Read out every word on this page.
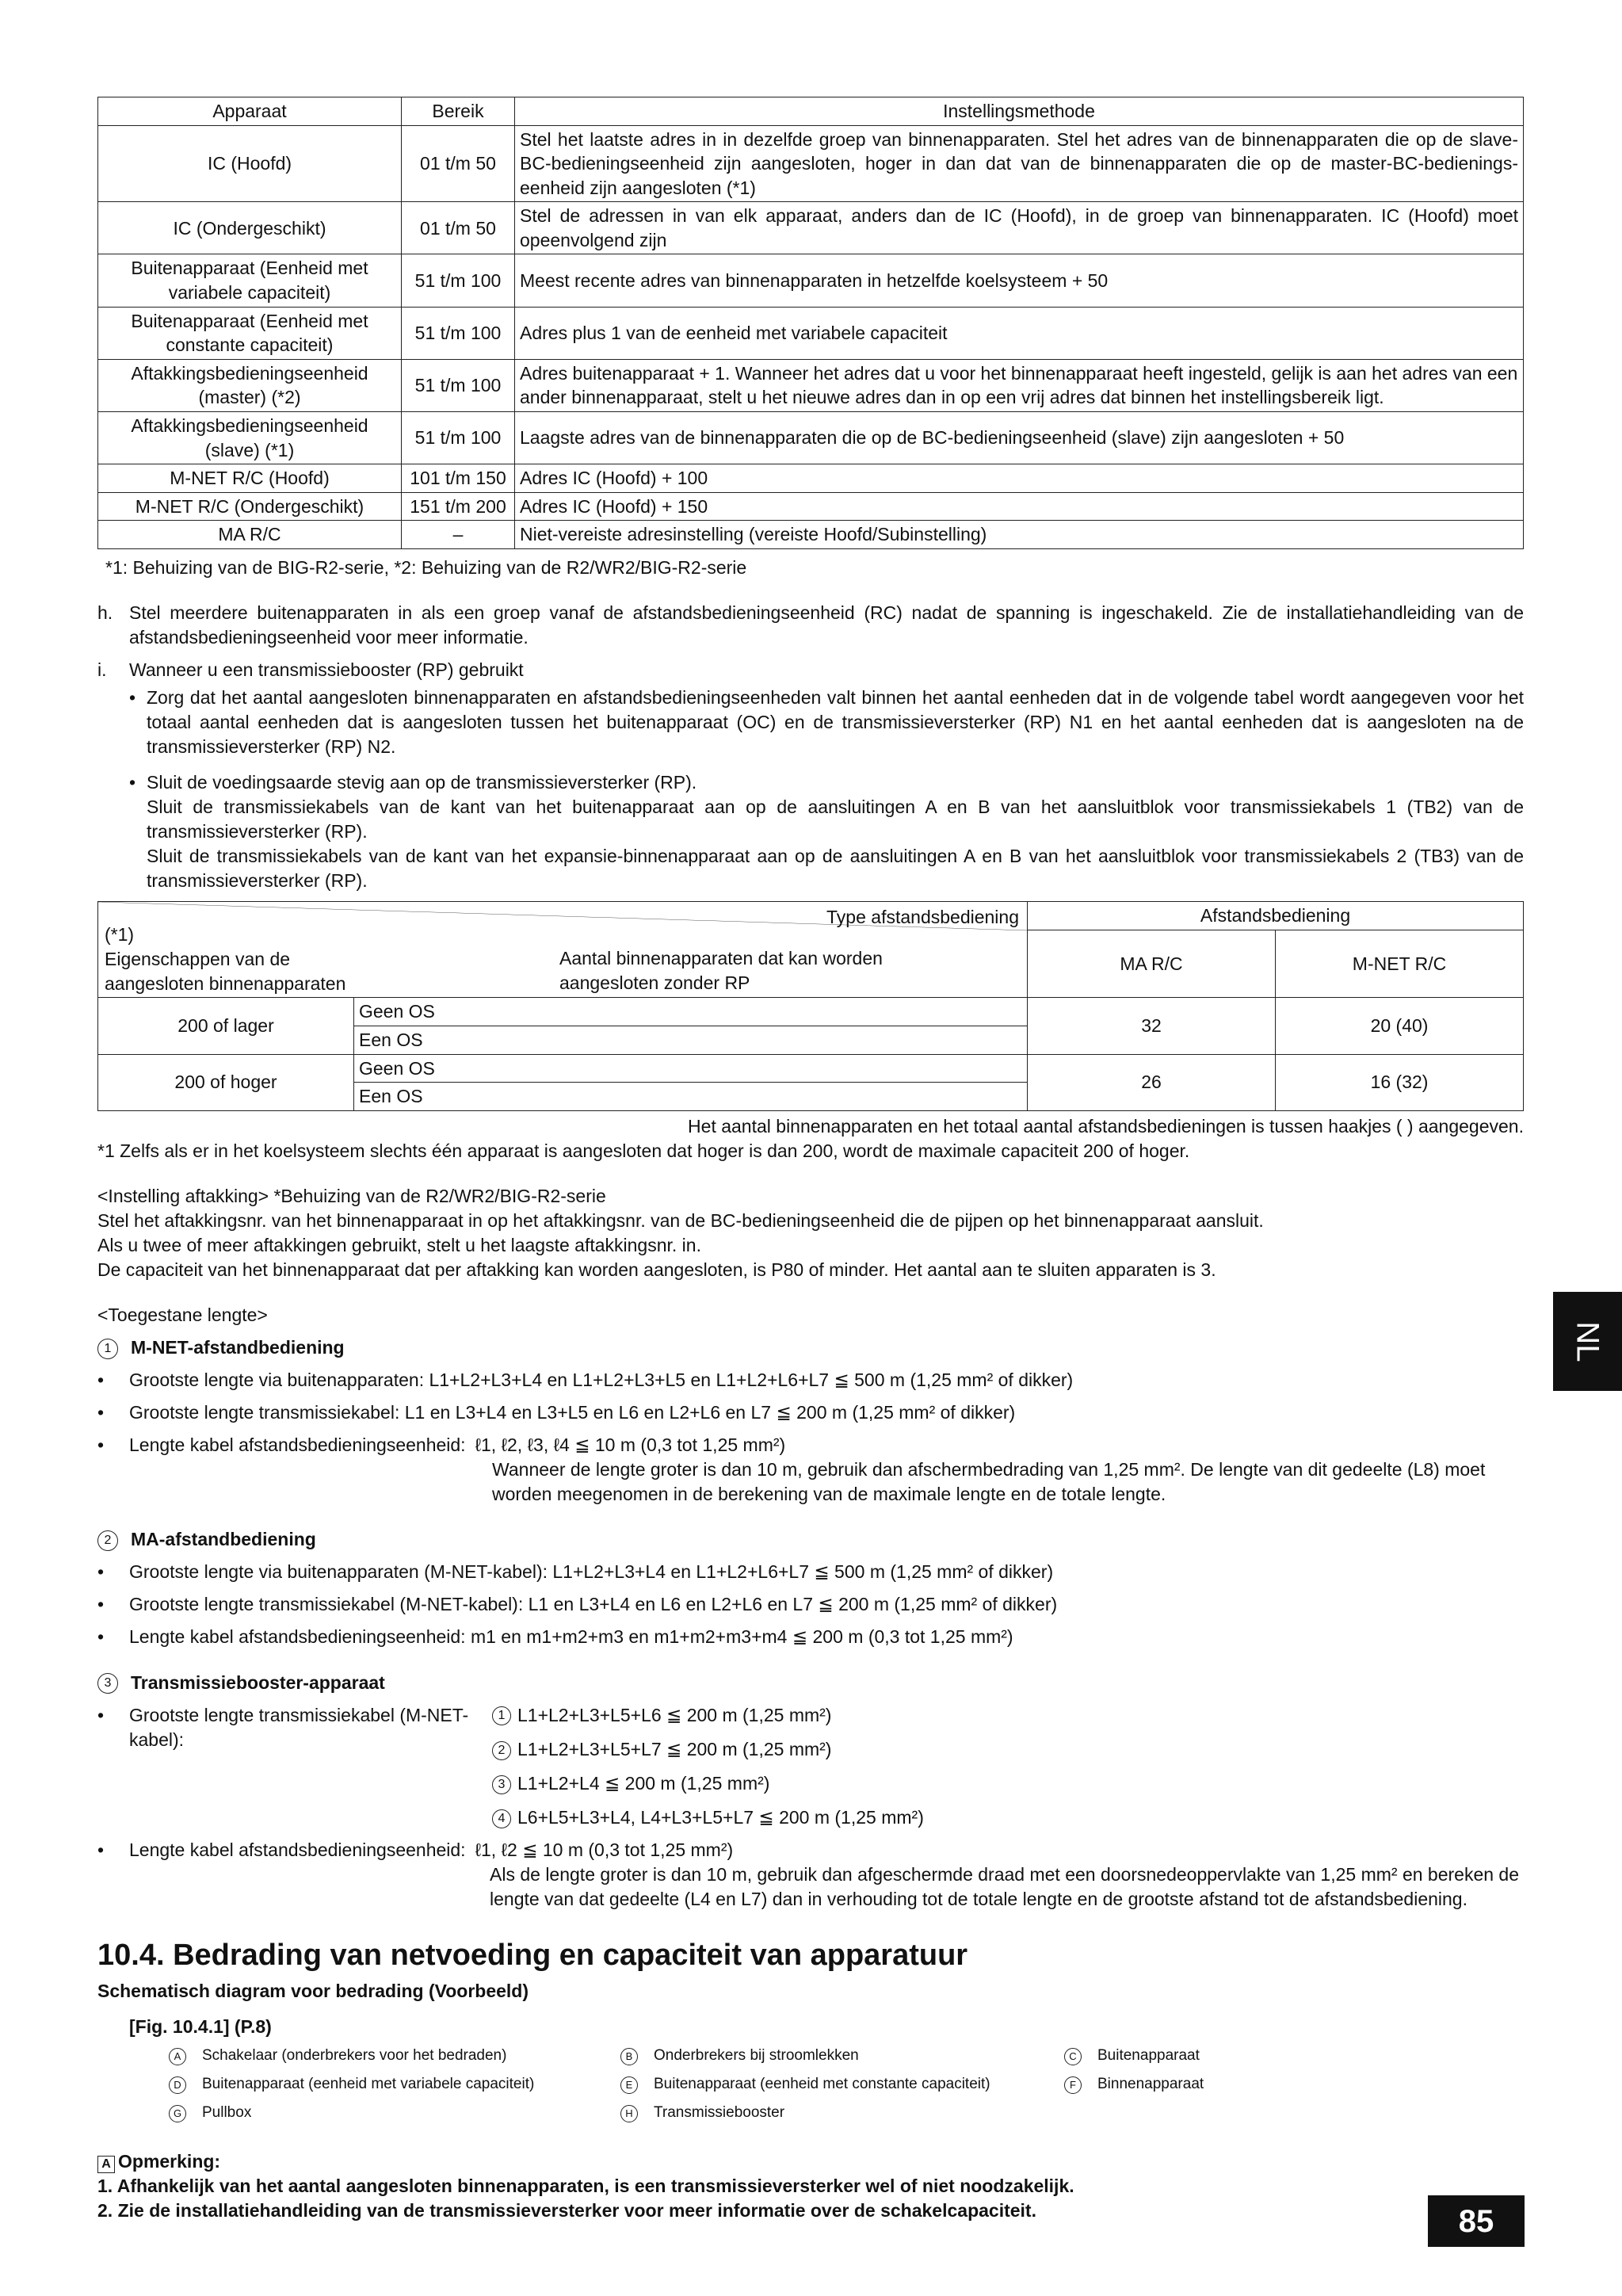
Apparaat	Bereik	Instellingsmethode
IC (Hoofd)	01 t/m 50	Stel het laatste adres in in dezelfde groep van binnenapparaten. Stel het adres van de binnenapparaten die op de slave-BC-bedieningseenheid zijn aangesloten, hoger in dan dat van de binnenapparaten die op de master-BC-bedienings-eenheid zijn aangesloten (*1)
IC (Ondergeschikt)	01 t/m 50	Stel de adressen in van elk apparaat, anders dan de IC (Hoofd), in de groep van binnenapparaten. IC (Hoofd) moet opeenvolgend zijn
Buitenapparaat (Eenheid met variabele capaciteit)	51 t/m 100	Meest recente adres van binnenapparaten in hetzelfde koelsysteem + 50
Buitenapparaat (Eenheid met constante capaciteit)	51 t/m 100	Adres plus 1 van de eenheid met variabele capaciteit
Aftakkingsbedieningseenheid (master) (*2)	51 t/m 100	Adres buitenapparaat + 1. Wanneer het adres dat u voor het binnenapparaat heeft ingesteld, gelijk is aan het adres van een ander binnenapparaat, stelt u het nieuwe adres dan in op een vrij adres dat binnen het instellingsbereik ligt.
Aftakkingsbedieningseenheid (slave) (*1)	51 t/m 100	Laagste adres van de binnenapparaten die op de BC-bedieningseenheid (slave) zijn aangesloten + 50
M-NET R/C (Hoofd)	101 t/m 150	Adres IC (Hoofd) + 100
M-NET R/C (Ondergeschikt)	151 t/m 200	Adres IC (Hoofd) + 150
MA R/C	–	Niet-vereiste adresinstelling (vereiste Hoofd/Subinstelling)
*1: Behuizing van de BIG-R2-serie, *2: Behuizing van de R2/WR2/BIG-R2-serie
h. Stel meerdere buitenapparaten in als een groep vanaf de afstandsbedieningseenheid (RC) nadat de spanning is ingeschakeld. Zie de installatiehandleiding van de afstandsbedieningseenheid voor meer informatie.
i.	Wanneer u een transmissiebooster (RP) gebruikt
• Zorg dat het aantal aangesloten binnenapparaten en afstandsbedieningseenheden valt binnen het aantal eenheden dat in de volgende tabel wordt aangegeven voor het totaal aantal eenheden dat is aangesloten tussen het buitenapparaat (OC) en de transmissieversterker (RP) N1 en het aantal eenheden dat is aangesloten na de transmissieversterker (RP) N2.
• Sluit de voedingsaarde stevig aan op de transmissieversterker (RP).
Sluit de transmissiekabels van de kant van het buitenapparaat aan op de aansluitingen A en B van het aansluitblok voor transmissiekabels 1 (TB2) van de transmissieversterker (RP).
Sluit de transmissiekabels van de kant van het expansie-binnenapparaat aan op de aansluitingen A en B van het aansluitblok voor transmissiekabels 2 (TB3) van de transmissieversterker (RP).
Type afstandsbediening
(*1)
Eigenschappen van de aangesloten binnenapparaten
Aantal binnenapparaten dat kan worden aangesloten zonder RP		Afstandsbediening	
		MA R/C	M-NET R/C
200 of lager	Geen OS	32	20 (40)
	Een OS		
200 of hoger	Geen OS	26	16 (32)
	Een OS		
Het aantal binnenapparaten en het totaal aantal afstandsbedieningen is tussen haakjes ( ) aangegeven.
*1 Zelfs als er in het koelsysteem slechts één apparaat is aangesloten dat hoger is dan 200, wordt de maximale capaciteit 200 of hoger.

<Instelling aftakking> *Behuizing van de R2/WR2/BIG-R2-serie

Stel het aftakkingsnr. van het binnenapparaat in op het aftakkingsnr. van de BC-bedieningseenheid die de pijpen op het binnenapparaat aansluit.

Als u twee of meer aftakkingen gebruikt, stelt u het laagste aftakkingsnr. in.

De capaciteit van het binnenapparaat dat per aftakking kan worden aangesloten, is P80 of minder. Het aantal aan te sluiten apparaten is 3.

<Toegestane lengte>

1 M-NET-afstandbediening
•	Grootste lengte via buitenapparaten: L1+L2+L3+L4 en L1+L2+L3+L5 en L1+L2+L6+L7 ≦ 500 m (1,25 mm² of dikker)
•	Grootste lengte transmissiekabel: L1 en L3+L4 en L3+L5 en L6 en L2+L6 en L7 ≦ 200 m (1,25 mm² of dikker)
•	Lengte kabel afstandsbedieningseenheid: ℓ1, ℓ2, ℓ3, ℓ4 ≦ 10 m (0,3 tot 1,25 mm²)
Wanneer de lengte groter is dan 10 m, gebruik dan afschermbedrading van 1,25 mm². De lengte van dit gedeelte (L8) moet worden meegenomen in de berekening van de maximale lengte en de totale lengte.
2 MA-afstandbediening
•	Grootste lengte via buitenapparaten (M-NET-kabel): L1+L2+L3+L4 en L1+L2+L6+L7 ≦ 500 m (1,25 mm² of dikker)
•	Grootste lengte transmissiekabel (M-NET-kabel): L1 en L3+L4 en L6 en L2+L6 en L7 ≦ 200 m (1,25 mm² of dikker)
•	Lengte kabel afstandsbedieningseenheid: m1 en m1+m2+m3 en m1+m2+m3+m4 ≦ 200 m (0,3 tot 1,25 mm²)
3 Transmissiebooster-apparaat
•	Grootste lengte transmissiekabel (M-NET-kabel):
1 L1+L2+L3+L5+L6 ≦ 200 m (1,25 mm²)
2 L1+L2+L3+L5+L7 ≦ 200 m (1,25 mm²)
3 L1+L2+L4 ≦ 200 m (1,25 mm²)
4 L6+L5+L3+L4, L4+L3+L5+L7 ≦ 200 m (1,25 mm²)
•	Lengte kabel afstandsbedieningseenheid: ℓ1, ℓ2 ≦ 10 m (0,3 tot 1,25 mm²)
Als de lengte groter is dan 10 m, gebruik dan afgeschermde draad met een doorsnedeoppervlakte van 1,25 mm² en bereken de lengte van dat gedeelte (L4 en L7) dan in verhouding tot de totale lengte en de grootste afstand tot de afstandsbediening.
10.4. Bedrading van netvoeding en capaciteit van apparatuur
Schematisch diagram voor bedrading (Voorbeeld)
[Fig. 10.4.1] (P.8)
A Schakelaar (onderbrekers voor het bedraden)	B Onderbrekers bij stroomlekken	C Buitenapparaat
D Buitenapparaat (eenheid met variabele capaciteit)	E Buitenapparaat (eenheid met constante capaciteit)	F Binnenapparaat
G Pullbox	H Transmissiebooster
A Opmerking:
1. Afhankelijk van het aantal aangesloten binnenapparaten, is een transmissieversterker wel of niet noodzakelijk.
2. Zie de installatiehandleiding van de transmissieversterker voor meer informatie over de schakelcapaciteit.
NL
85
